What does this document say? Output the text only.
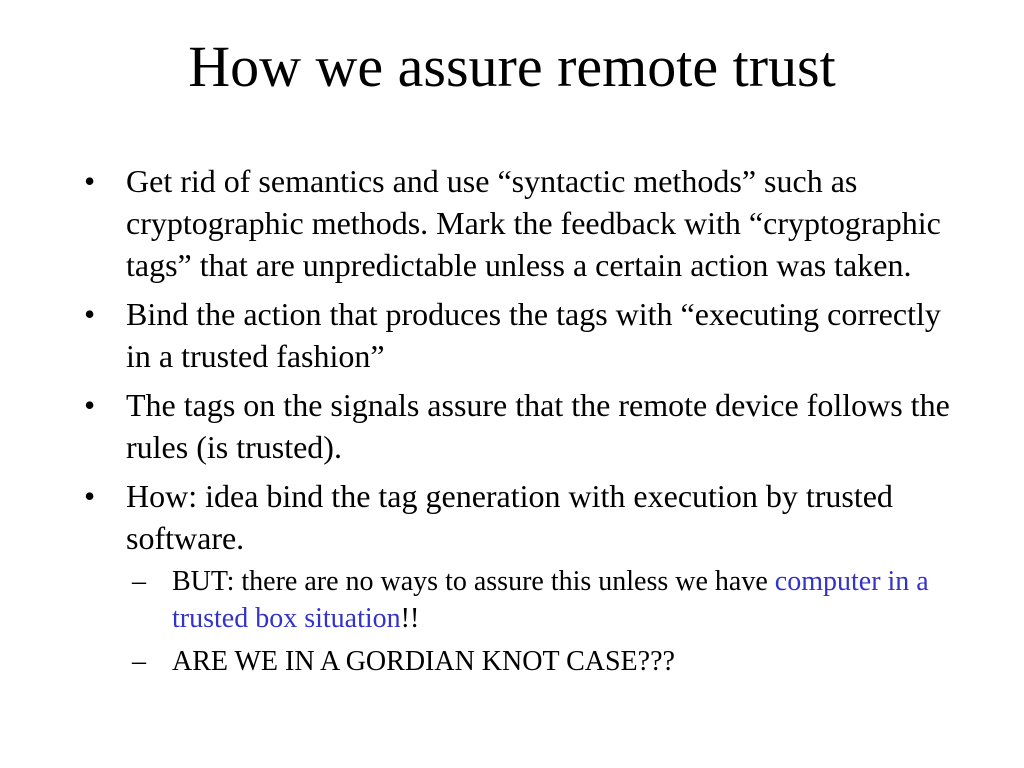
How we assure remote trust
• Get rid of semantics and use “syntactic methods” such as cryptographic methods. Mark the feedback with “cryptographic tags” that are unpredictable unless a certain action was taken.
• Bind the action that produces the tags with “executing correctly in a trusted fashion”
• The tags on the signals assure that the remote device follows the rules (is trusted).
• How: idea bind the tag generation with execution by trusted software.
– BUT: there are no ways to assure this unless we have computer in a trusted box situation!!
– ARE WE IN A GORDIAN KNOT CASE???
